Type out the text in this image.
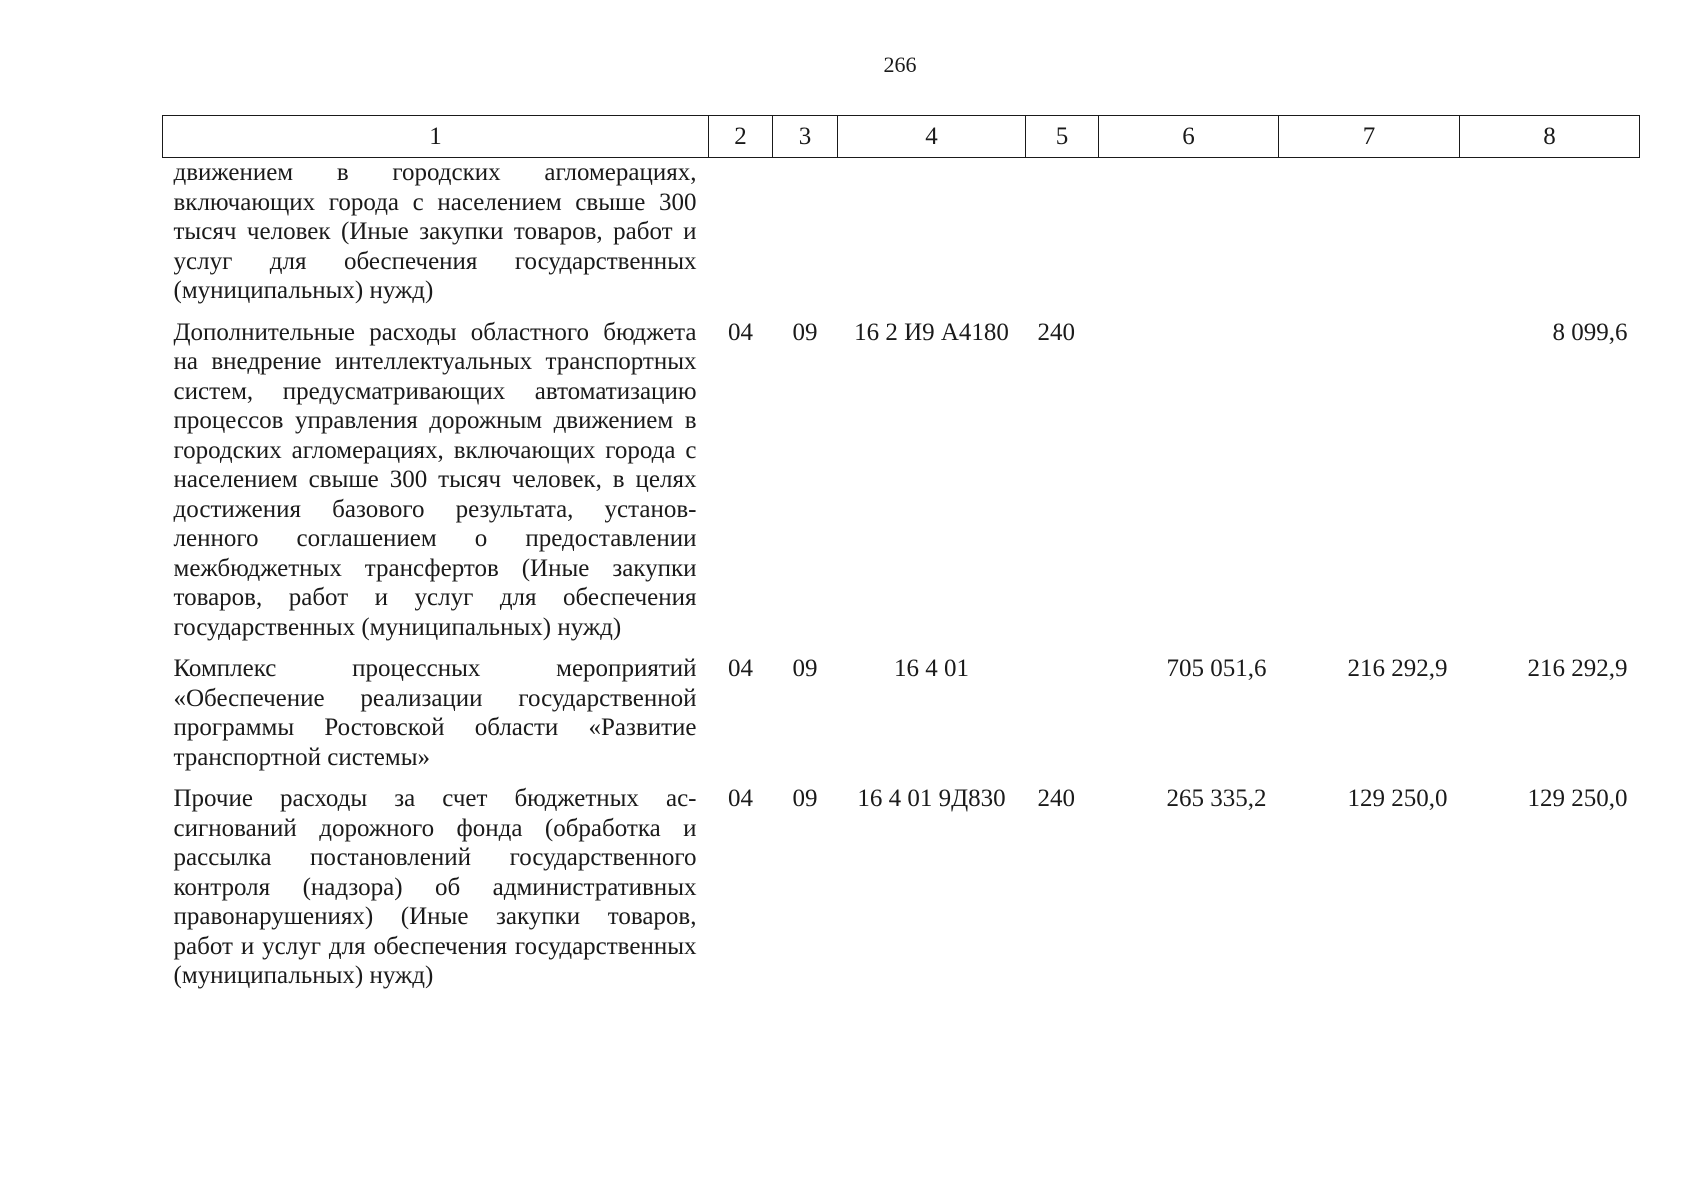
266
1	2	3	4	5	6	7	8
движением в городских агломерациях, включающих города с населением свыше 300 тысяч человек (Иные закупки товаров, работ и услуг для обеспечения государственных (муниципальных) нужд)							
Дополнительные расходы областного бюджета на внедрение интеллектуальных транспортных систем, предусматривающих автоматизацию процессов управления дорожным движением в городских агломерациях, включающих города с населением свыше 300 тысяч человек, в целях достижения базового результата, установленного соглашением о предоставлении межбюджетных трансфертов (Иные закупки товаров, работ и услуг для обеспечения государственных (муниципальных) нужд)	04	09	16 2 И9 А4180	240			8 099,6
Комплекс процессных мероприятий «Обеспечение реализации государственной программы Ростовской области «Развитие транспортной системы»	04	09	16 4 01		705 051,6	216 292,9	216 292,9
Прочие расходы за счет бюджетных ассигнований дорожного фонда (обработка и рассылка постановлений государственного контроля (надзора) об административных правонарушениях) (Иные закупки товаров, работ и услуг для обеспечения государственных (муниципальных) нужд)	04	09	16 4 01 9Д830	240	265 335,2	129 250,0	129 250,0
